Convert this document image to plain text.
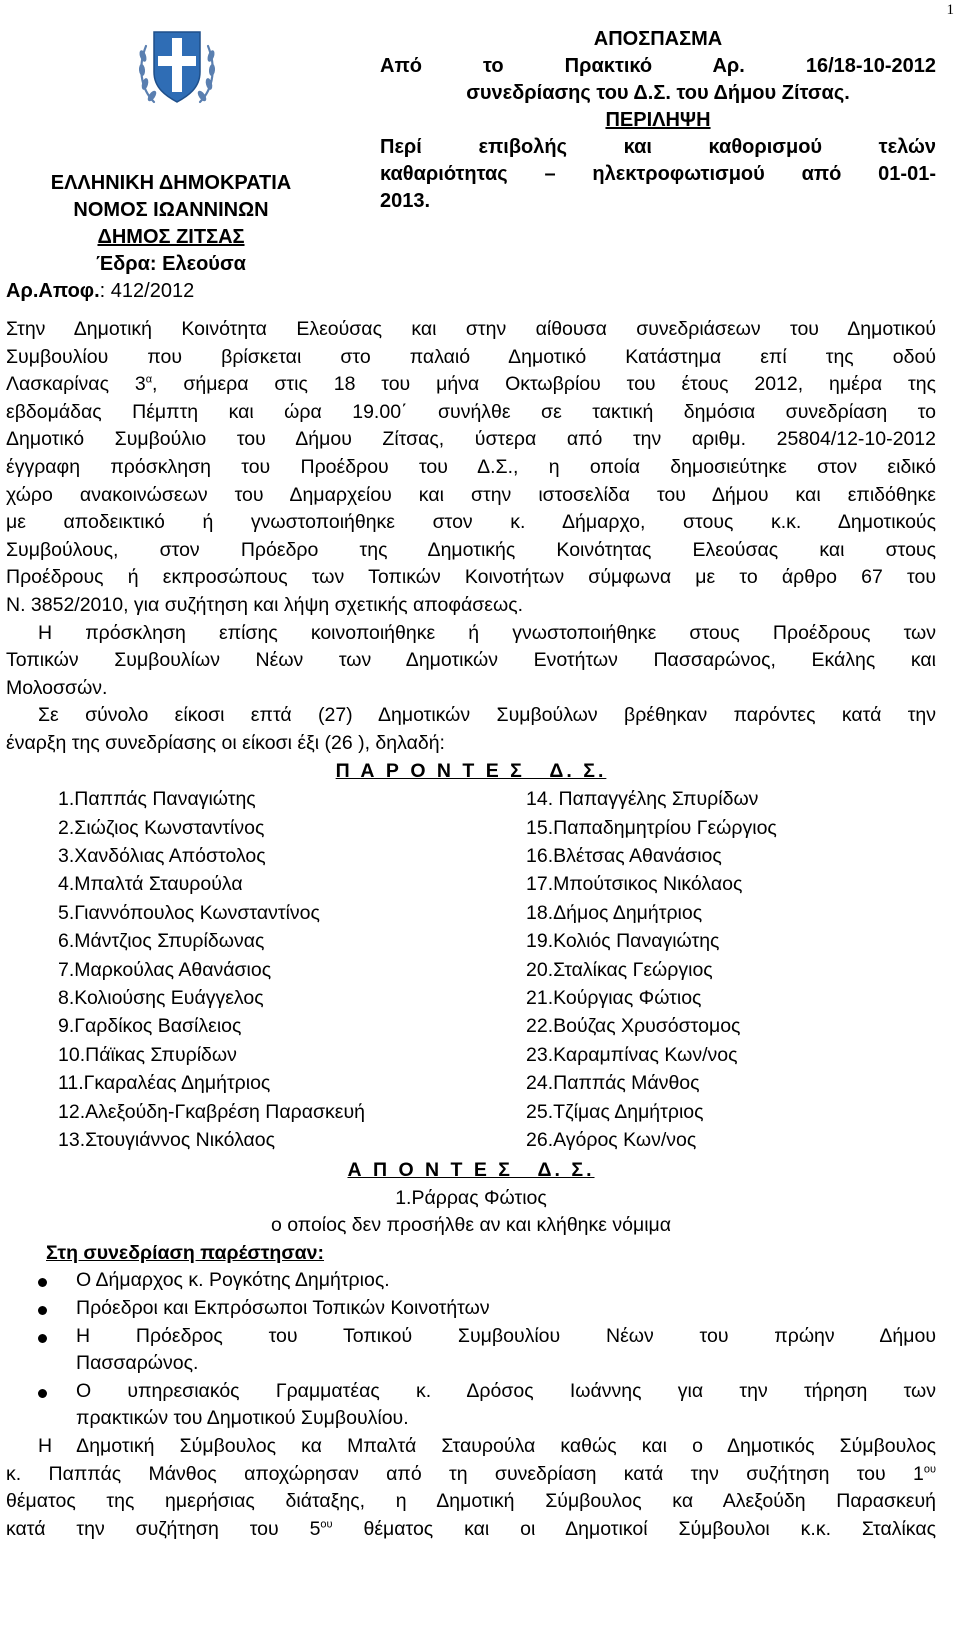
1
ΑΠΟΣΠΑΣΜΑ
Από το Πρακτικό Αρ. 16/18-10-2012
συνεδρίασης του Δ.Σ. του Δήμου Ζίτσας.
ΠΕΡΙΛΗΨΗ
Περί επιβολής και καθορισμού τελών
καθαριότητας – ηλεκτροφωτισμού από 01-01-
2013.
ΕΛΛΗΝΙΚΗ ΔΗΜΟΚΡΑΤΙΑ
ΝΟΜΟΣ ΙΩΑΝΝΙΝΩΝ
ΔΗΜΟΣ ΖΙΤΣΑΣ
Έδρα: Ελεούσα
Αρ.Αποφ.: 412/2012

Στην Δημοτική Κοινότητα Ελεούσας και στην αίθουσα συνεδριάσεων του Δημοτικού

Συμβουλίου που βρίσκεται στο παλαιό Δημοτικό Κατάστημα επί της οδού

Λασκαρίνας $3^\alpha$, σήμερα στις 18 του μήνα Οκτωβρίου του έτους 2012, ημέρα της

εβδομάδας Πέμπτη και ώρα 19.00΄ συνήλθε σε τακτική δημόσια συνεδρίαση το

Δημοτικό Συμβούλιο του Δήμου Ζίτσας, ύστερα από την αριθμ. 25804/12-10-2012

έγγραφη πρόσκληση του Προέδρου του Δ.Σ., η οποία δημοσιεύτηκε στον ειδικό

χώρο ανακοινώσεων του Δημαρχείου και στην ιστοσελίδα του Δήμου και επιδόθηκε

με αποδεικτικό ή γνωστοποιήθηκε στον κ. Δήμαρχο, στους κ.κ. Δημοτικούς

Συμβούλους, στον Πρόεδρο της Δημοτικής Κοινότητας Ελεούσας και στους

Προέδρους ή εκπροσώπους των Τοπικών Κοινοτήτων σύμφωνα με το άρθρο 67 του

Ν. 3852/2010, για συζήτηση και λήψη σχετικής αποφάσεως.

Η πρόσκληση επίσης κοινοποιήθηκε ή γνωστοποιήθηκε στους Προέδρους των

Τοπικών Συμβουλίων Νέων των Δημοτικών Ενοτήτων Πασσαρώνος, Εκάλης και

Μολοσσών.

Σε σύνολο είκοσι επτά (27) Δημοτικών Συμβούλων βρέθηκαν παρόντες κατά την

έναρξη της συνεδρίασης οι είκοσι έξι (26 ), δηλαδή:

Π Α Ρ Ο Ν Τ Ε Σ   Δ. Σ.

1.Παππάς Παναγιώτης
2.Σιώζιος Κωνσταντίνος
3.Χανδόλιας Απόστολος
4.Μπαλτά Σταυρούλα
5.Γιαννόπουλος Κωνσταντίνος
6.Μάντζιος Σπυρίδωνας
7.Μαρκούλας Αθανάσιος
8.Κολιούσης Ευάγγελος
9.Γαρδίκος Βασίλειος
10.Πάϊκας Σπυρίδων
11.Γκαραλέας Δημήτριος
12.Αλεξούδη-Γκαβρέση Παρασκευή
13.Στουγιάννος Νικόλαος
14. Παπαγγέλης Σπυρίδων
15.Παπαδημητρίου Γεώργιος
16.Βλέτσας Αθανάσιος
17.Μπούτσικος Νικόλαος
18.Δήμος Δημήτριος
19.Κολιός Παναγιώτης
20.Σταλίκας Γεώργιος
21.Κούργιας Φώτιος
22.Βούζας Χρυσόστομος
23.Καραμπίνας Κων/νος
24.Παππάς Μάνθος
25.Τζίμας Δημήτριος
26.Αγόρος Κων/νος

Α Π Ο Ν Τ Ε Σ   Δ. Σ.

1.Ράρρας Φώτιος

ο οποίος δεν προσήλθε αν και κλήθηκε νόμιμα

Στη συνεδρίαση παρέστησαν:

Ο Δήμαρχος κ. Ρογκότης Δημήτριος.
Πρόεδροι και Εκπρόσωποι Τοπικών Κοινοτήτων
Η Πρόεδρος του Τοπικού Συμβουλίου Νέων του πρώην Δήμου
Πασσαρώνος.
Ο υπηρεσιακός Γραμματέας κ. Δρόσος Ιωάννης για την τήρηση των
πρακτικών του Δημοτικού Συμβουλίου.

Η Δημοτική Σύμβουλος κα Μπαλτά Σταυρούλα καθώς και ο Δημοτικός Σύμβουλος

κ. Παππάς Μάνθος αποχώρησαν από τη συνεδρίαση κατά την συζήτηση του $1^{o\upsilon}$

θέματος της ημερήσιας διάταξης, η Δημοτική Σύμβουλος κα Αλεξούδη Παρασκευή

κατά την συζήτηση του $5^{o\upsilon}$ θέματος και οι Δημοτικοί Σύμβουλοι κ.κ. Σταλίκας
